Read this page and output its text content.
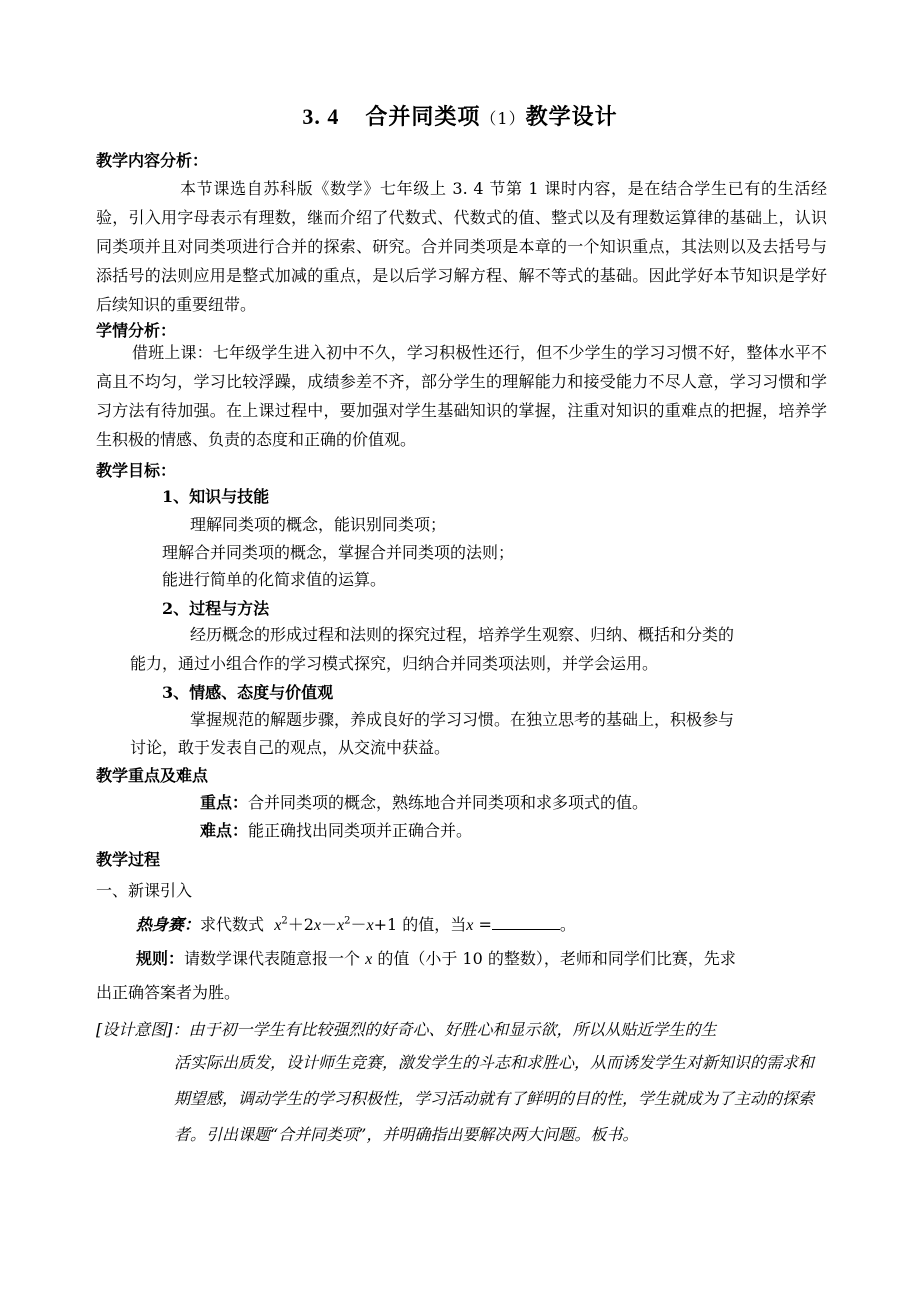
3. 4 合并同类项（1）教学设计
教学内容分析：
本节课选自苏科版《数学》七年级上 3. 4 节第 1 课时内容，是在结合学生已有的生活经验，引入用字母表示有理数，继而介绍了代数式、代数式的值、整式以及有理数运算律的基础上，认识同类项并且对同类项进行合并的探索、研究。合并同类项是本章的一个知识重点，其法则以及去括号与添括号的法则应用是整式加减的重点，是以后学习解方程、解不等式的基础。因此学好本节知识是学好后续知识的重要纽带。
学情分析：
借班上课：七年级学生进入初中不久，学习积极性还行，但不少学生的学习习惯不好，整体水平不高且不均匀，学习比较浮躁，成绩参差不齐，部分学生的理解能力和接受能力不尽人意，学习习惯和学习方法有待加强。在上课过程中，要加强对学生基础知识的掌握，注重对知识的重难点的把握，培养学生积极的情感、负责的态度和正确的价值观。
教学目标：
1、知识与技能
理解同类项的概念，能识别同类项；
理解合并同类项的概念，掌握合并同类项的法则；
能进行简单的化简求值的运算。
2、过程与方法
经历概念的形成过程和法则的探究过程，培养学生观察、归纳、概括和分类的
能力，通过小组合作的学习模式探究，归纳合并同类项法则，并学会运用。
3、情感、态度与价值观
掌握规范的解题步骤，养成良好的学习习惯。在独立思考的基础上，积极参与
讨论，敢于发表自己的观点，从交流中获益。
教学重点及难点
重点：合并同类项的概念，熟练地合并同类项和求多项式的值。
难点：能正确找出同类项并正确合并。
教学过程
一、新课引入
热身赛：求代数式 $x^2+2x-x^2-x+1$ 的值，当x =	。
规则：请数学课代表随意报一个 x 的值（小于 10 的整数），老师和同学们比赛，先求
出正确答案者为胜。
[设计意图]：由于初一学生有比较强烈的好奇心、好胜心和显示欲，所以从贴近学生的生
活实际出质发，设计师生竞赛，激发学生的斗志和求胜心，从而诱发学生对新知识的需求和期望感，调动学生的学习积极性，学习活动就有了鲜明的目的性，学生就成为了主动的探索者。引出课题“合并同类项”，并明确指出要解决两大问题。板书。
